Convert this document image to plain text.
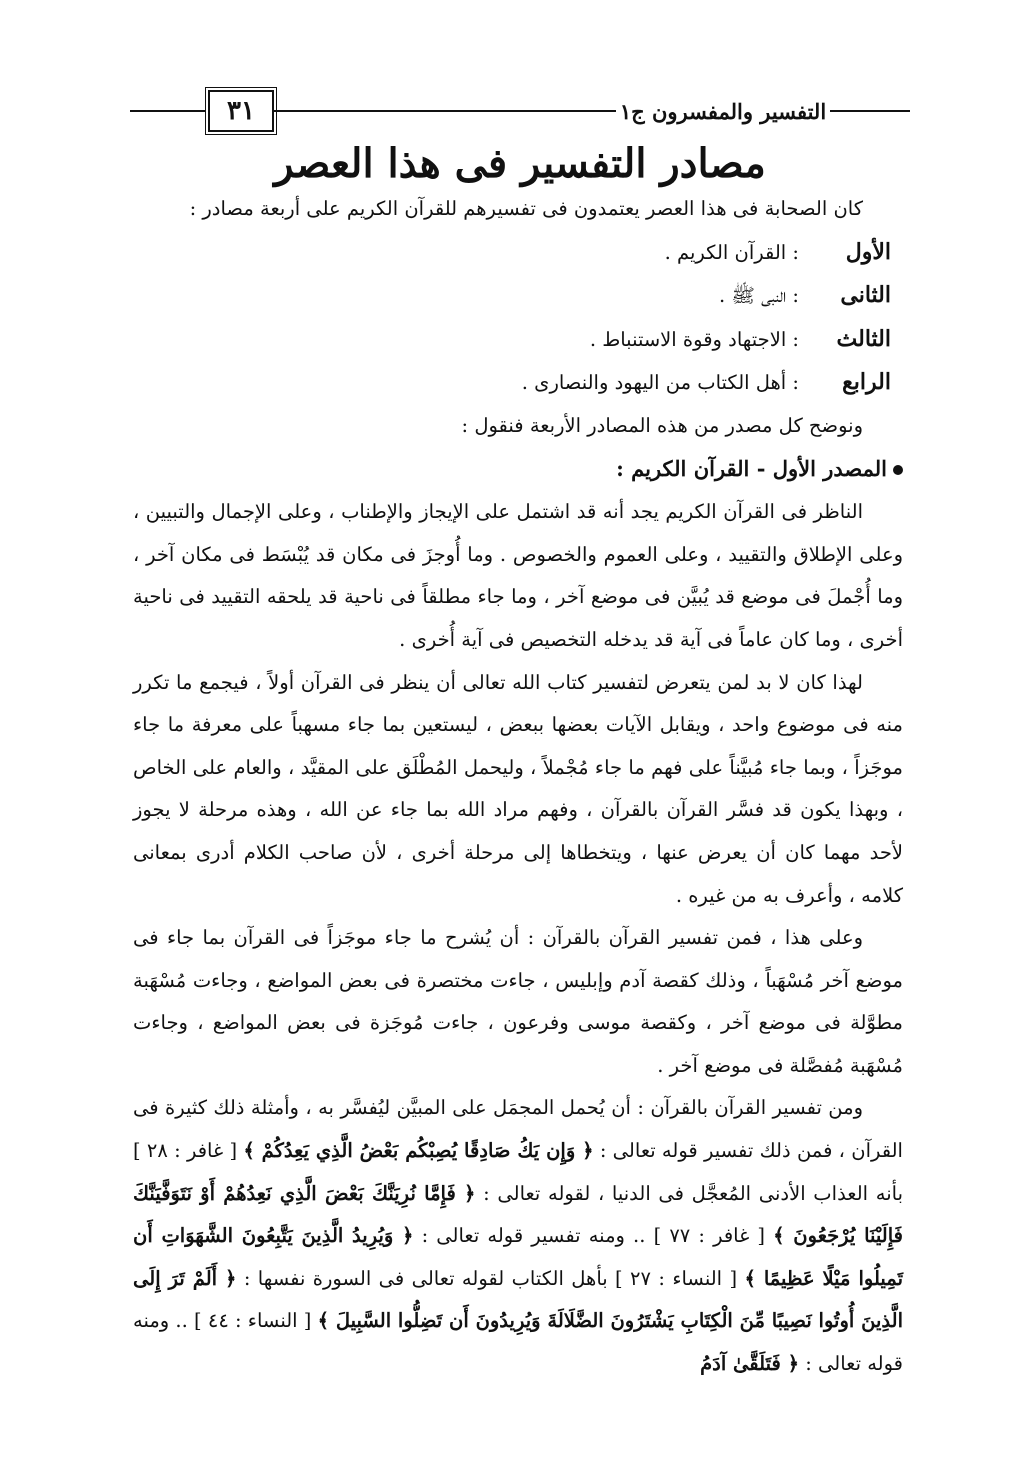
٣١	التفسير والمفسرون ج١
مصادر التفسير فى هذا العصر

كان الصحابة فى هذا العصر يعتمدون فى تفسيرهم للقرآن الكريم على أربعة مصادر :

الأول: القرآن الكريم .

الثانى: النبى ﷺ .

الثالث: الاجتهاد وقوة الاستنباط .

الرابع: أهل الكتاب من اليهود والنصارى .

ونوضح كل مصدر من هذه المصادر الأربعة فنقول :

المصدر الأول - القرآن الكريم :

الناظر فى القرآن الكريم يجد أنه قد اشتمل على الإيجاز والإطناب ، وعلى الإجمال والتبيين ، وعلى الإطلاق والتقييد ، وعلى العموم والخصوص . وما أُوجزَ فى مكان قد يُبْسَط فى مكان آخر ، وما أُجْملَ فى موضع قد يُبيَّن فى موضع آخر ، وما جاء مطلقاً فى ناحية قد يلحقه التقييد فى ناحية أخرى ، وما كان عاماً فى آية قد يدخله التخصيص فى آية أُخرى .

لهذا كان لا بد لمن يتعرض لتفسير كتاب الله تعالى أن ينظر فى القرآن أولاً ، فيجمع ما تكرر منه فى موضوع واحد ، ويقابل الآيات بعضها ببعض ، ليستعين بما جاء مسهباً على معرفة ما جاء موجَزاً ، وبما جاء مُبيَّناً على فهم ما جاء مُجْملاً ، وليحمل المُطْلَق على المقيَّد ، والعام على الخاص ، وبهذا يكون قد فسَّر القرآن بالقرآن ، وفهم مراد الله بما جاء عن الله ، وهذه مرحلة لا يجوز لأحد مهما كان أن يعرض عنها ، ويتخطاها إلى مرحلة أخرى ، لأن صاحب الكلام أدرى بمعانى كلامه ، وأعرف به من غيره .

وعلى هذا ، فمن تفسير القرآن بالقرآن : أن يُشرح ما جاء موجَزاً فى القرآن بما جاء فى موضع آخر مُسْهَباً ، وذلك كقصة آدم وإبليس ، جاءت مختصرة فى بعض المواضع ، وجاءت مُسْهَبة مطوَّلة فى موضع آخر ، وكقصة موسى وفرعون ، جاءت مُوجَزة فى بعض المواضع ، وجاءت مُسْهَبة مُفصَّلة فى موضع آخر .

ومن تفسير القرآن بالقرآن : أن يُحمل المجمَل على المبيَّن ليُفسَّر به ، وأمثلة ذلك كثيرة فى القرآن ، فمن ذلك تفسير قوله تعالى : ﴿ وَإِن يَكُ صَادِقًا يُصِبْكُم بَعْضُ الَّذِي يَعِدُكُمْ ﴾ [ غافر : ٢٨ ] بأنه العذاب الأدنى المُعجَّل فى الدنيا ، لقوله تعالى : ﴿ فَإِمَّا نُرِيَنَّكَ بَعْضَ الَّذِي نَعِدُهُمْ أَوْ نَتَوَفَّيَنَّكَ فَإِلَيْنَا يُرْجَعُونَ ﴾ [ غافر : ٧٧ ] .. ومنه تفسير قوله تعالى : ﴿ وَيُرِيدُ الَّذِينَ يَتَّبِعُونَ الشَّهَوَاتِ أَن تَمِيلُوا مَيْلًا عَظِيمًا ﴾ [ النساء : ٢٧ ] بأهل الكتاب لقوله تعالى فى السورة نفسها : ﴿ أَلَمْ تَرَ إِلَى الَّذِينَ أُوتُوا نَصِيبًا مِّنَ الْكِتَابِ يَشْتَرُونَ الضَّلَالَةَ وَيُرِيدُونَ أَن تَضِلُّوا السَّبِيلَ ﴾ [ النساء : ٤٤ ] .. ومنه قوله تعالى : ﴿ فَتَلَقَّىٰ آدَمُ
